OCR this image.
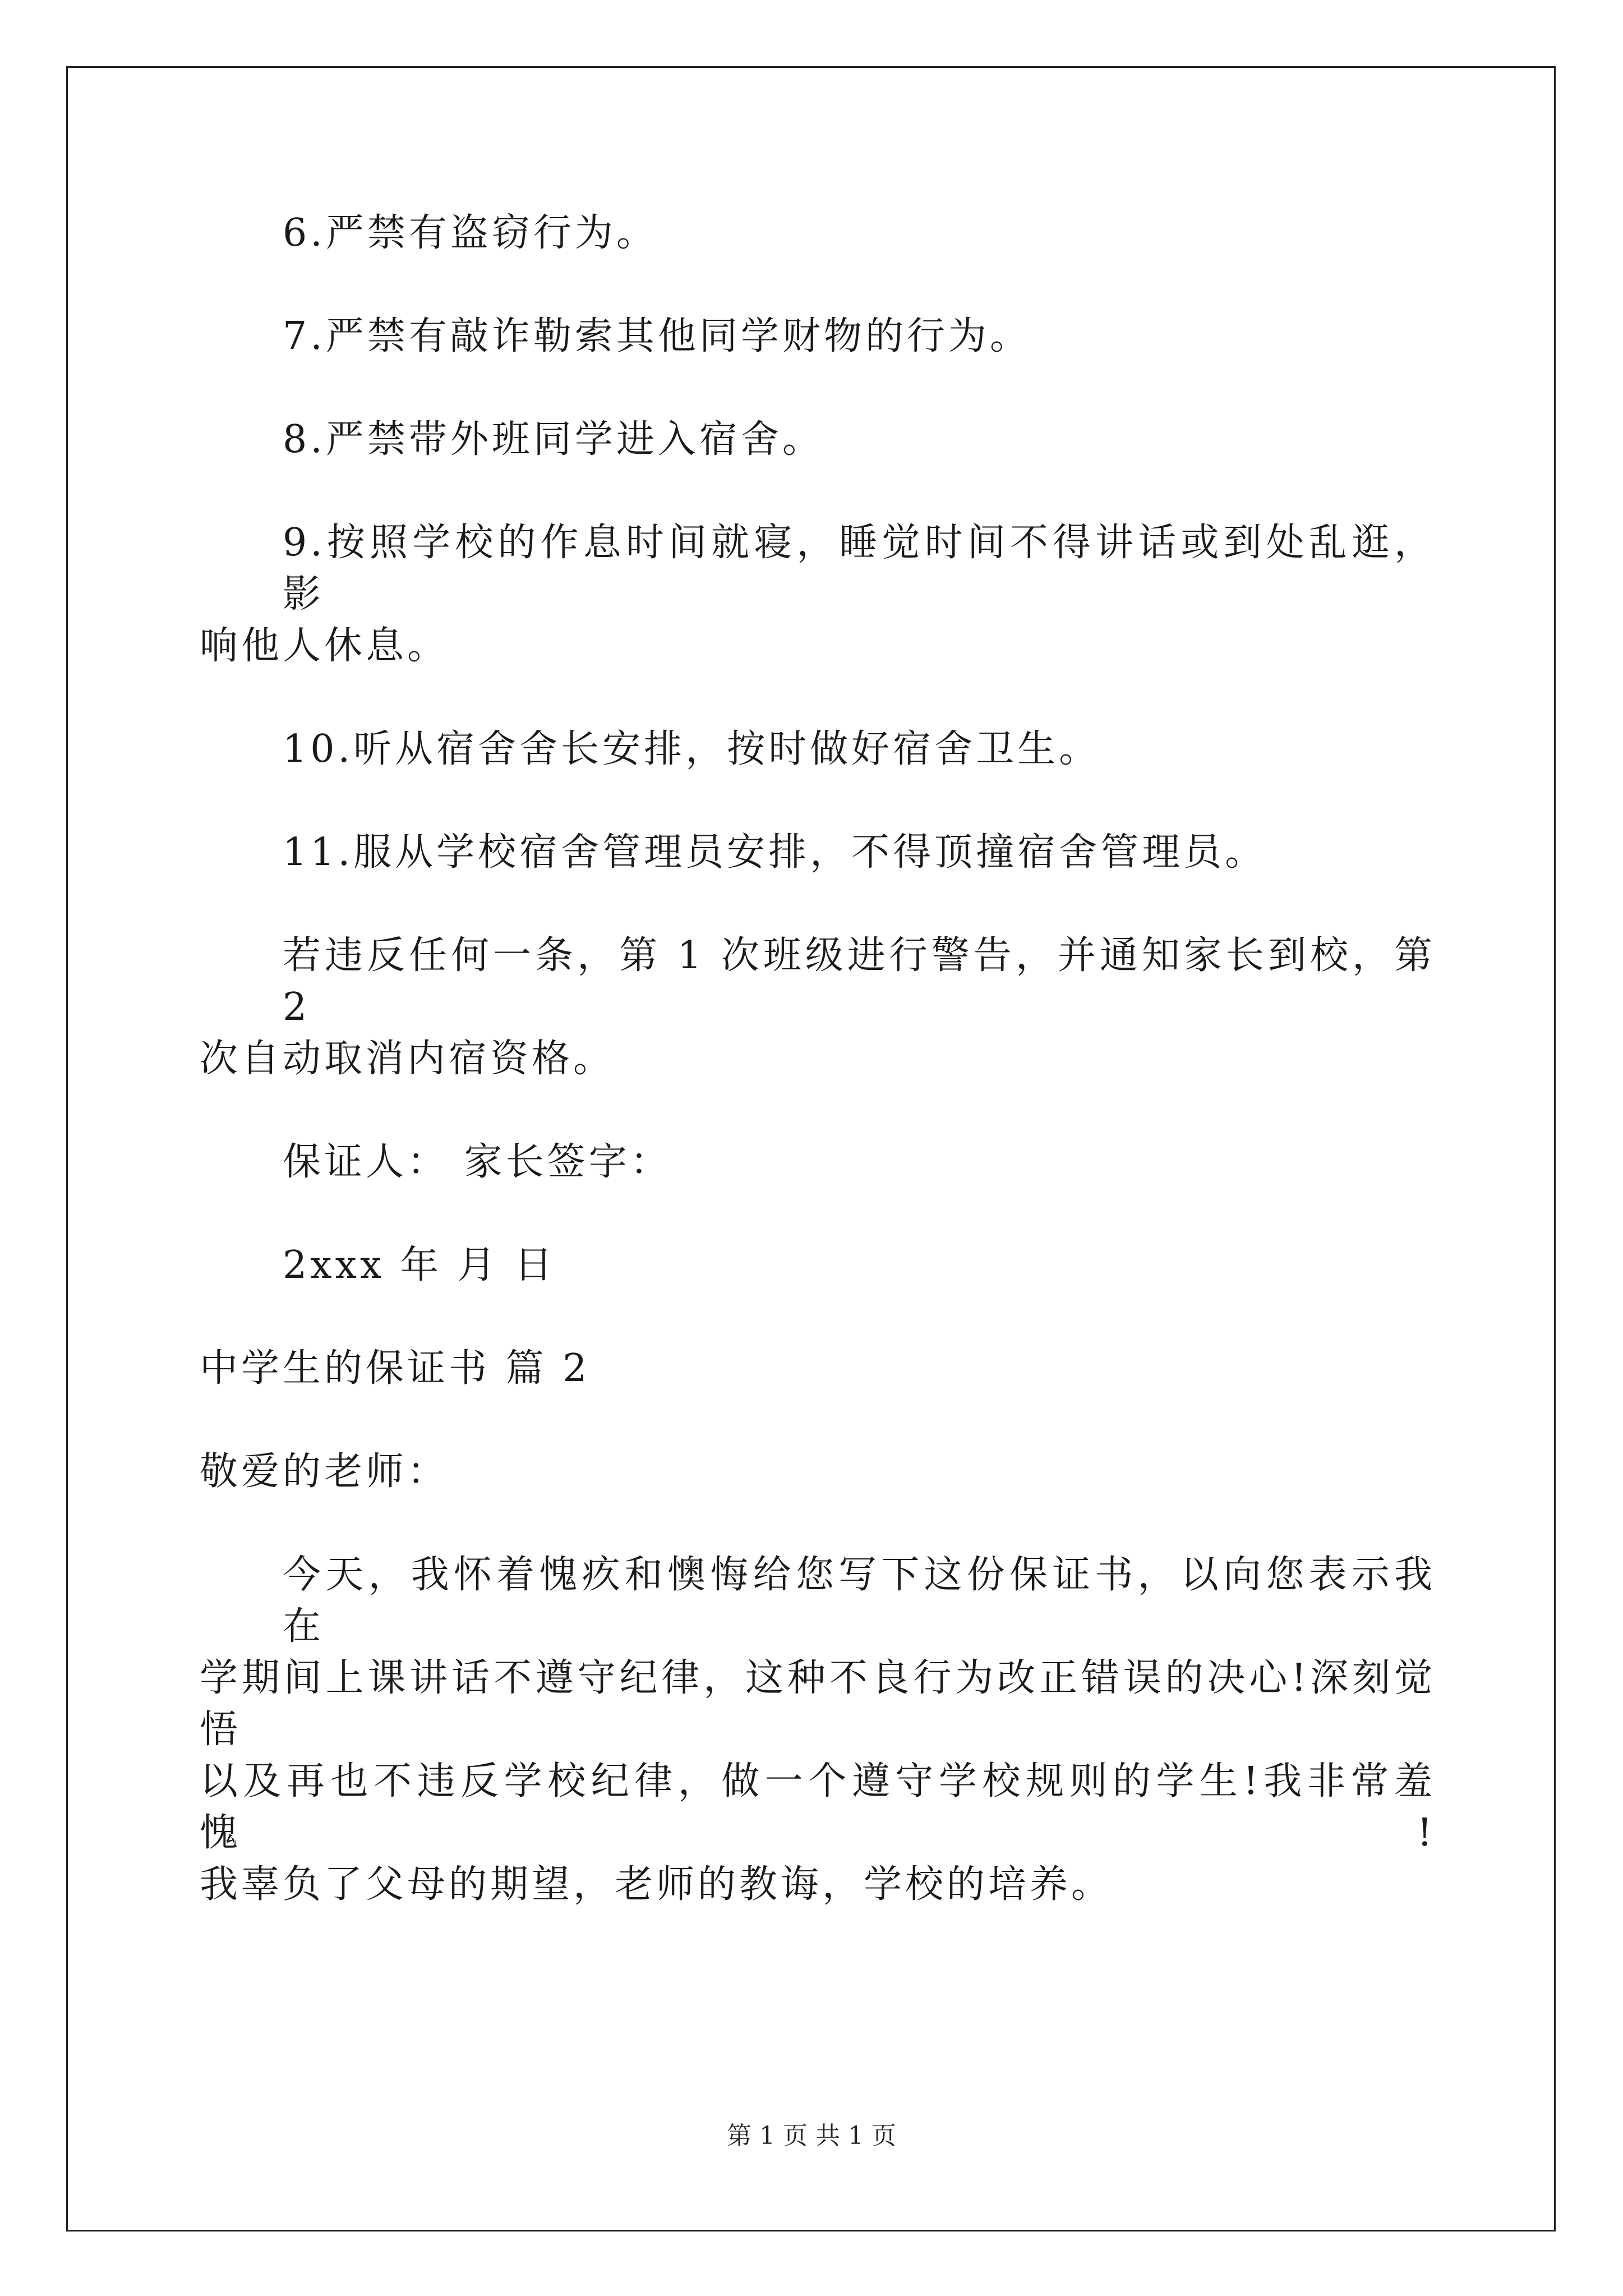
6.严禁有盗窃行为。
7.严禁有敲诈勒索其他同学财物的行为。
8.严禁带外班同学进入宿舍。
9.按照学校的作息时间就寝，睡觉时间不得讲话或到处乱逛，影
响他人休息。
10.听从宿舍舍长安排，按时做好宿舍卫生。
11.服从学校宿舍管理员安排，不得顶撞宿舍管理员。
若违反任何一条，第 1 次班级进行警告，并通知家长到校，第 2
次自动取消内宿资格。
保证人： 家长签字：
2xxx 年 月 日
中学生的保证书 篇 2
敬爱的老师：
今天，我怀着愧疚和懊悔给您写下这份保证书，以向您表示我在
学期间上课讲话不遵守纪律，这种不良行为改正错误的决心!深刻觉悟
以及再也不违反学校纪律，做一个遵守学校规则的学生!我非常羞愧!
我辜负了父母的期望，老师的教诲，学校的培养。
第 1 页 共 1 页
